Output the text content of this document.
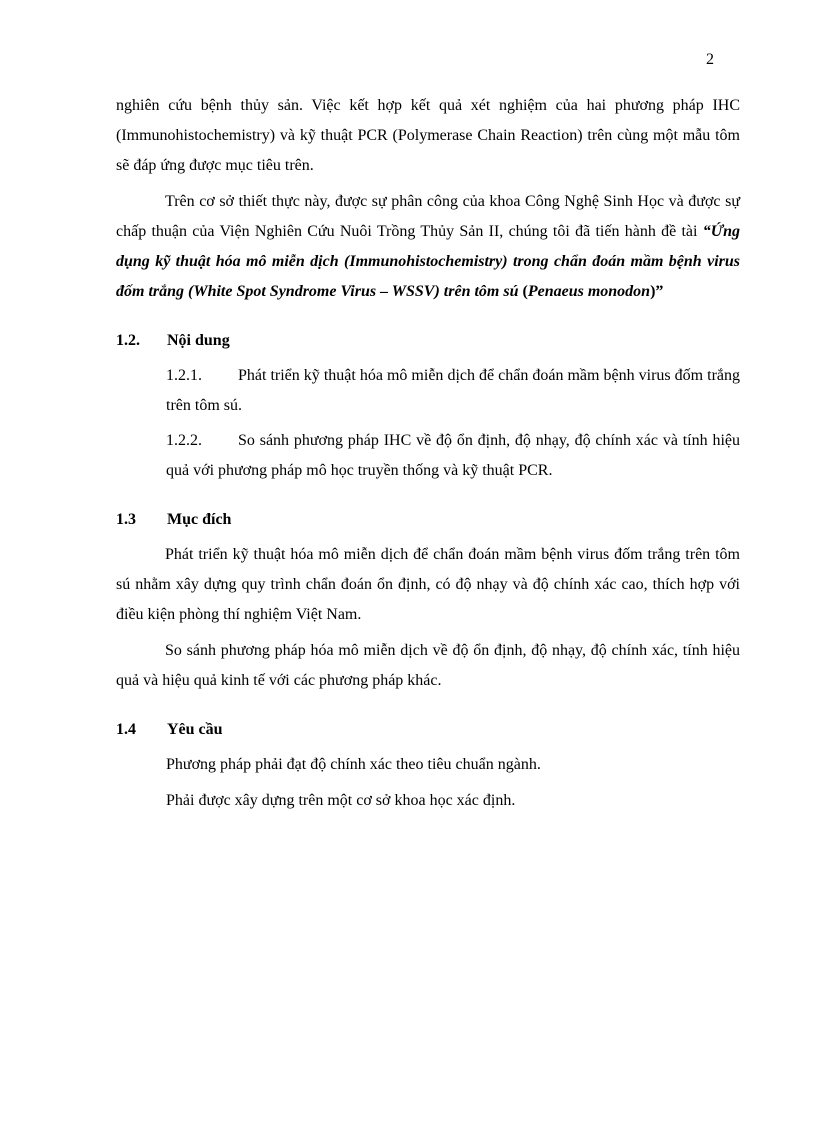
2

nghiên cứu bệnh thủy sản. Việc kết hợp kết quả xét nghiệm của hai phương pháp IHC (Immunohistochemistry) và kỹ thuật PCR (Polymerase Chain Reaction) trên cùng một mẫu tôm sẽ đáp ứng được mục tiêu trên.

Trên cơ sở thiết thực này, được sự phân công của khoa Công Nghệ Sinh Học và được sự chấp thuận của Viện Nghiên Cứu Nuôi Trồng Thủy Sản II, chúng tôi đã tiến hành đề tài “Ứng dụng kỹ thuật hóa mô miễn dịch (Immunohistochemistry) trong chẩn đoán mầm bệnh virus đốm trắng (White Spot Syndrome Virus – WSSV) trên tôm sú (Penaeus monodon)”

1.2.	Nội dung

1.2.1. Phát triển kỹ thuật hóa mô miễn dịch để chẩn đoán mầm bệnh virus đốm trắng trên tôm sú.

1.2.2. So sánh phương pháp IHC về độ ổn định, độ nhạy, độ chính xác và tính hiệu quả với phương pháp mô học truyền thống và kỹ thuật PCR.

1.3	Mục đích

Phát triển kỹ thuật hóa mô miễn dịch để chẩn đoán mầm bệnh virus đốm trắng trên tôm sú nhằm xây dựng quy trình chẩn đoán ổn định, có độ nhạy và độ chính xác cao, thích hợp với điều kiện phòng thí nghiệm Việt Nam.

So sánh phương pháp hóa mô miễn dịch về độ ổn định, độ nhạy, độ chính xác, tính hiệu quả và hiệu quả kinh tế với các phương pháp khác.

1.4	Yêu cầu

Phương pháp phải đạt độ chính xác theo tiêu chuẩn ngành.

Phải được xây dựng trên một cơ sở khoa học xác định.
